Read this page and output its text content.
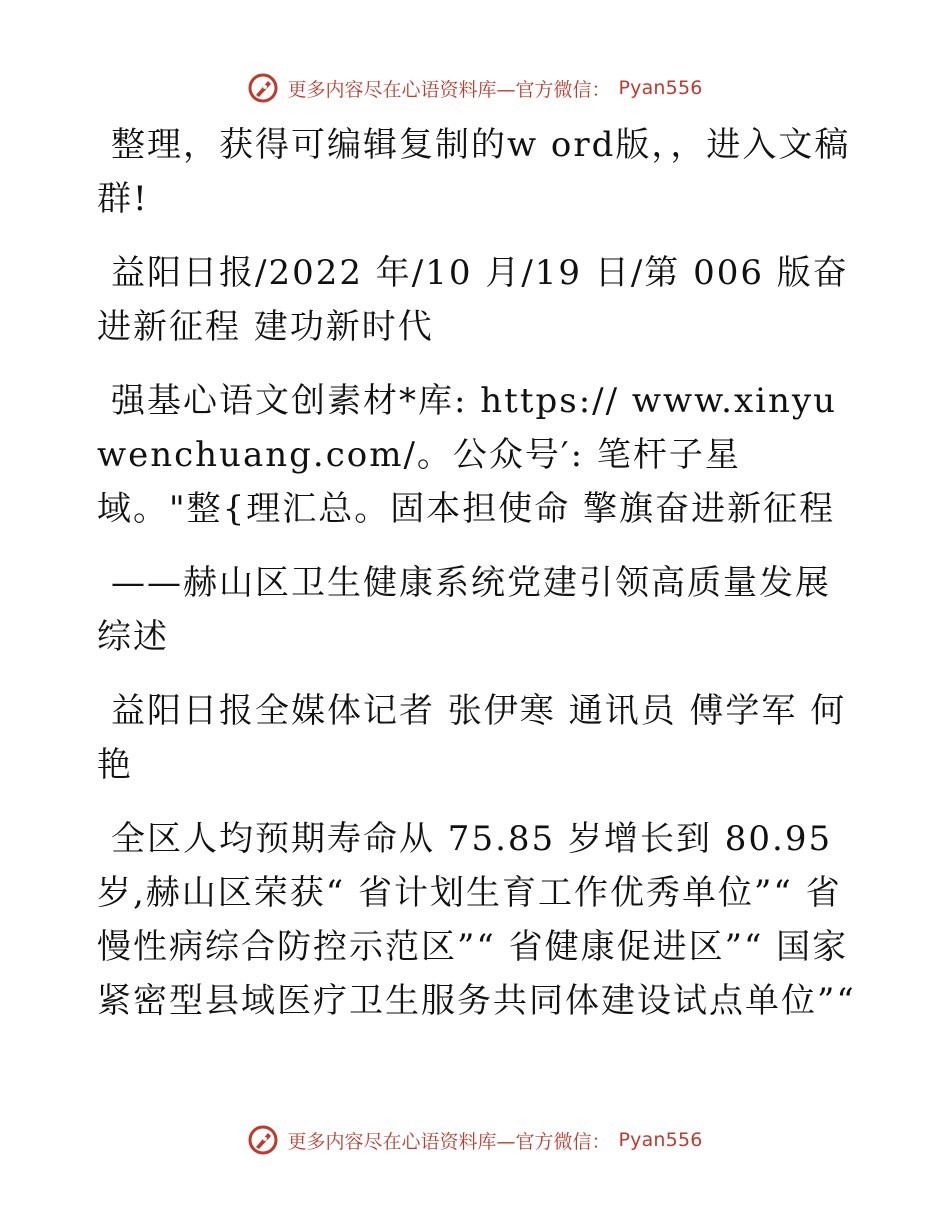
更多内容尽在心语资料库—官方微信： Pyan556

整理，获得可编辑复制的w ord版，，进入文稿群!

益阳日报/2022 年/10 月/19 日/第 006 版奋进新征程 建功新时代

强基心语文创素材*库: https:// www.xinyuwenchuang.com/。公众号′: 笔杆子星域。"整{理汇总。固本担使命 擎旗奋进新征程

——赫山区卫生健康系统党建引领高质量发展综述

益阳日报全媒体记者 张伊寒 通讯员 傅学军 何艳

全区人均预期寿命从 75.85 岁增长到 80.95 岁,赫山区荣获“ 省计划生育工作优秀单位”“ 省慢性病综合防控示范区”“ 省健康促进区”“ 国家紧密型县域医疗卫生服务共同体建设试点单位”“

更多内容尽在心语资料库—官方微信： Pyan556
